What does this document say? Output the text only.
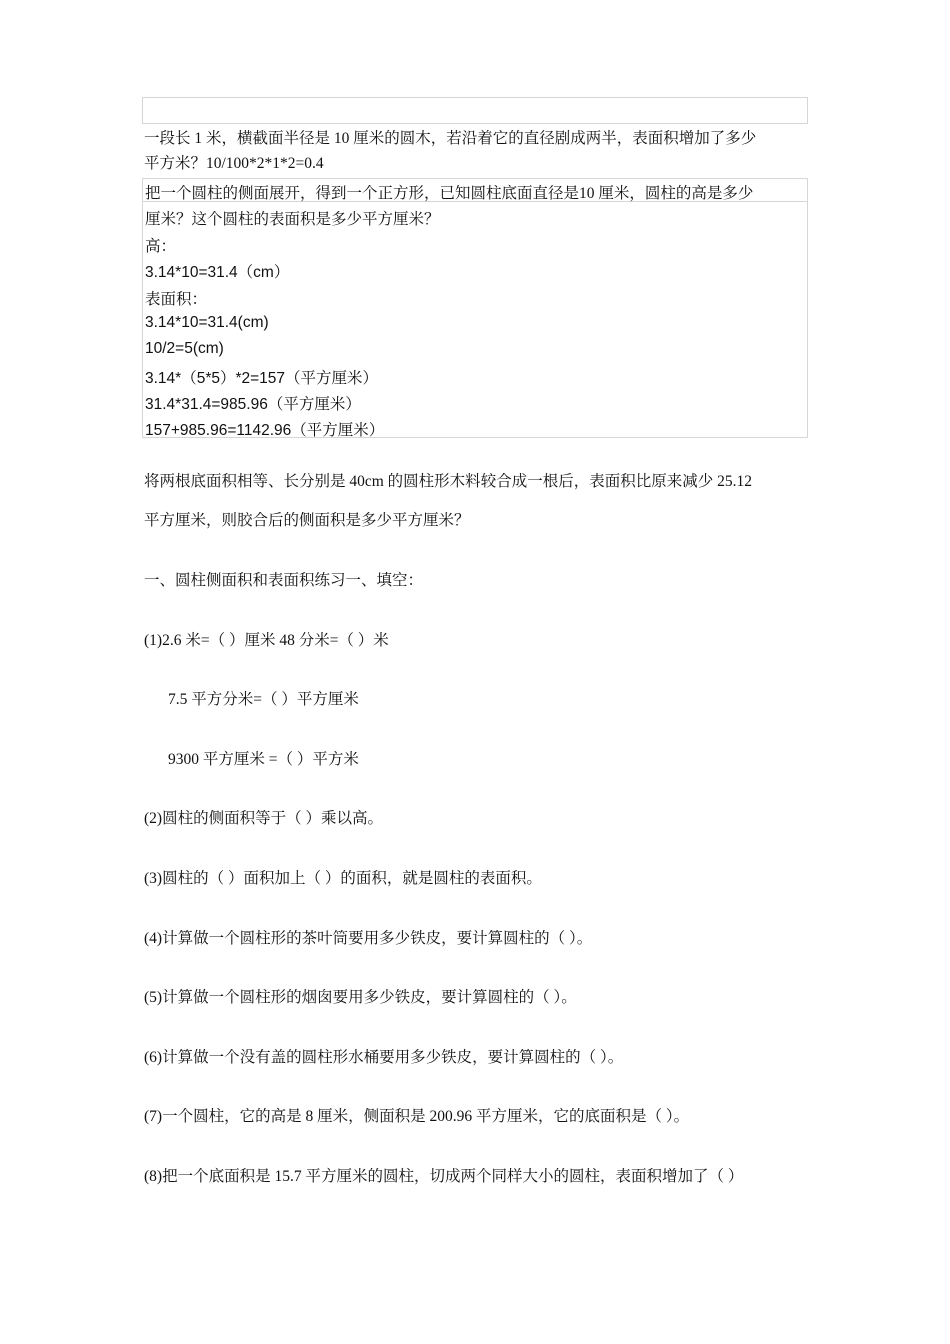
一段长 1 米，横截面半径是 10 厘米的圆木，若沿着它的直径剧成两半，表面积增加了多少
平方米？10/100*2*1*2=0.4
把一个圆柱的侧面展开，得到一个正方形，已知圆柱底面直径是10 厘米，圆柱的高是多少
厘米？这个圆柱的表面积是多少平方厘米？
高：
3.14*10=31.4（cm）
表面积：
3.14*10=31.4(cm)
10/2=5(cm)
3.14*（5*5）*2=157（平方厘米）
31.4*31.4=985.96（平方厘米）
157+985.96=1142.96（平方厘米）
将两根底面积相等、长分别是 40cm 的圆柱形木料较合成一根后，表面积比原来减少 25.12
平方厘米，则胶合后的侧面积是多少平方厘米？
一、圆柱侧面积和表面积练习一、填空：
(1)2.6 米=（ ）厘米 48 分米=（ ）米
7.5 平方分米=（ ）平方厘米
9300 平方厘米 =（ ）平方米
(2)圆柱的侧面积等于（ ）乘以高。
(3)圆柱的（ ）面积加上（ ）的面积，就是圆柱的表面积。
(4)计算做一个圆柱形的茶叶筒要用多少铁皮，要计算圆柱的（ ）。
(5)计算做一个圆柱形的烟囱要用多少铁皮，要计算圆柱的（ ）。
(6)计算做一个没有盖的圆柱形水桶要用多少铁皮，要计算圆柱的（ ）。
(7)一个圆柱，它的高是 8 厘米，侧面积是 200.96 平方厘米，它的底面积是（ ）。
(8)把一个底面积是 15.7 平方厘米的圆柱，切成两个同样大小的圆柱，表面积增加了（ ）
